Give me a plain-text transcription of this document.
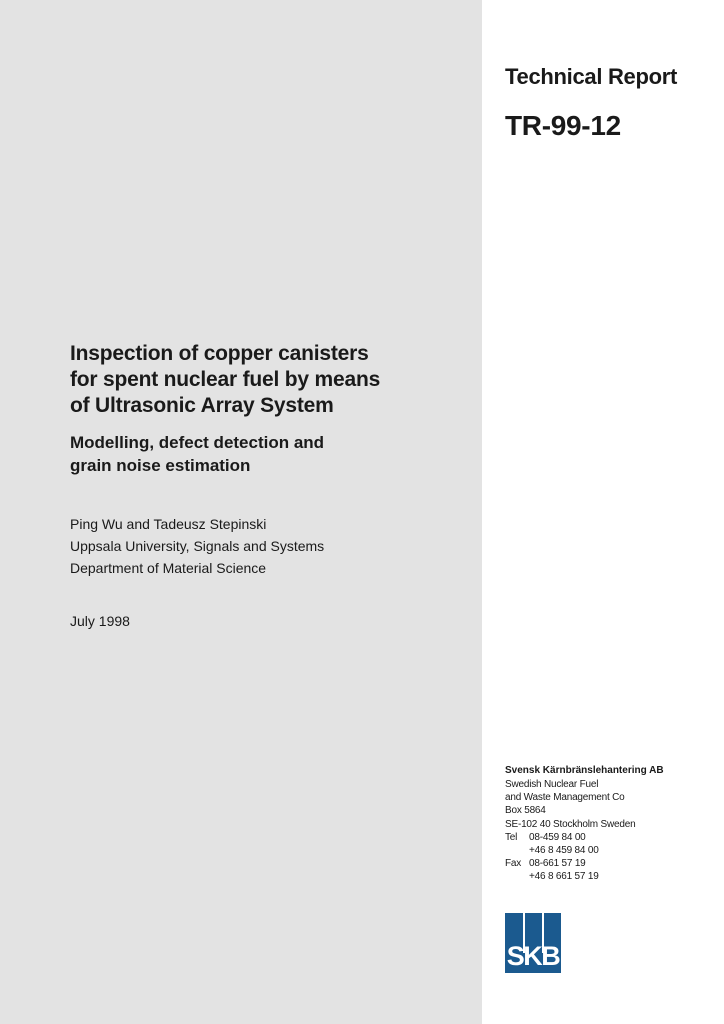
Technical Report
TR-99-12
Inspection of copper canisters
for spent nuclear fuel by means
of Ultrasonic Array System
Modelling, defect detection and
grain noise estimation
Ping Wu and Tadeusz Stepinski
Uppsala University, Signals and Systems
Department of Material Science
July 1998
Svensk Kärnbränslehantering AB
Swedish Nuclear Fuel
and Waste Management Co
Box 5864
SE-102 40 Stockholm Sweden
Tel	08-459 84 00
+46 8 459 84 00
Fax 08-661 57 19
+46 8 661 57 19
SKB
